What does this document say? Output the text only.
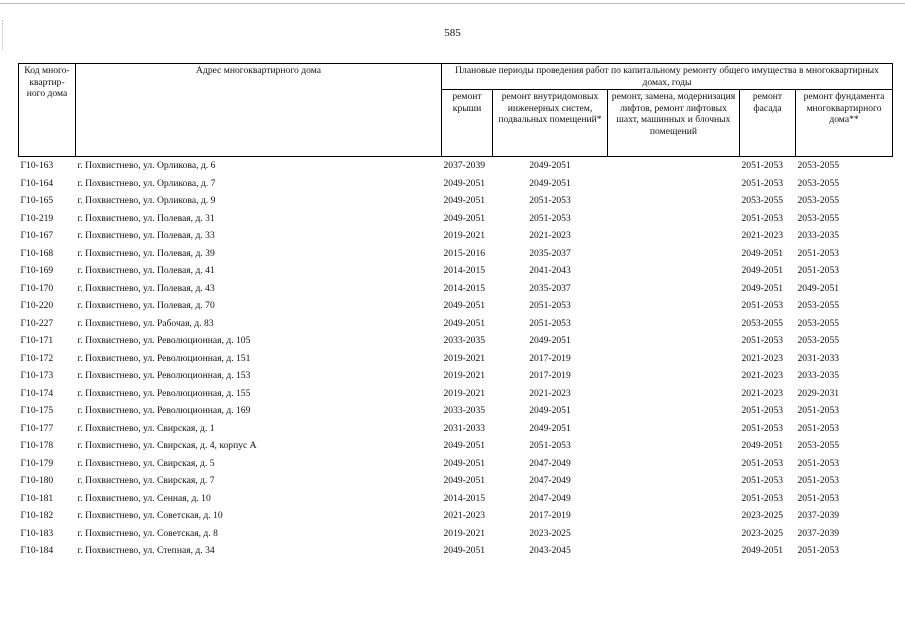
585
Код много-квартир-ного дома	Адрес многоквартирного дома	Плановые периоды проведения работ по капитальному ремонту общего имущества в многоквартирных домах, годы				
		ремонт крыши	ремонт внутридомовых инженерных систем, подвальных помещений*	ремонт, замена, модернизация лифтов, ремонт лифтовых шахт, машинных и блочных помещений	ремонт фасада	ремонт фундамента многоквартирного дома**
Г10-163	г. Похвистнево, ул. Орликова, д. 6	2037-2039	2049-2051		2051-2053	2053-2055
Г10-164	г. Похвистнево, ул. Орликова, д. 7	2049-2051	2049-2051		2051-2053	2053-2055
Г10-165	г. Похвистнево, ул. Орликова, д. 9	2049-2051	2051-2053		2053-2055	2053-2055
Г10-219	г. Похвистнево, ул. Полевая, д. 31	2049-2051	2051-2053		2051-2053	2053-2055
Г10-167	г. Похвистнево, ул. Полевая, д. 33	2019-2021	2021-2023		2021-2023	2033-2035
Г10-168	г. Похвистнево, ул. Полевая, д. 39	2015-2016	2035-2037		2049-2051	2051-2053
Г10-169	г. Похвистнево, ул. Полевая, д. 41	2014-2015	2041-2043		2049-2051	2051-2053
Г10-170	г. Похвистнево, ул. Полевая, д. 43	2014-2015	2035-2037		2049-2051	2049-2051
Г10-220	г. Похвистнево, ул. Полевая, д. 70	2049-2051	2051-2053		2051-2053	2053-2055
Г10-227	г. Похвистнево, ул. Рабочая, д. 83	2049-2051	2051-2053		2053-2055	2053-2055
Г10-171	г. Похвистнево, ул. Революционная, д. 105	2033-2035	2049-2051		2051-2053	2053-2055
Г10-172	г. Похвистнево, ул. Революционная, д. 151	2019-2021	2017-2019		2021-2023	2031-2033
Г10-173	г. Похвистнево, ул. Революционная, д. 153	2019-2021	2017-2019		2021-2023	2033-2035
Г10-174	г. Похвистнево, ул. Революционная, д. 155	2019-2021	2021-2023		2021-2023	2029-2031
Г10-175	г. Похвистнево, ул. Революционная, д. 169	2033-2035	2049-2051		2051-2053	2051-2053
Г10-177	г. Похвистнево, ул. Свирская, д. 1	2031-2033	2049-2051		2051-2053	2051-2053
Г10-178	г. Похвистнево, ул. Свирская, д. 4, корпус А	2049-2051	2051-2053		2049-2051	2053-2055
Г10-179	г. Похвистнево, ул. Свирская, д. 5	2049-2051	2047-2049		2051-2053	2051-2053
Г10-180	г. Похвистнево, ул. Свирская, д. 7	2049-2051	2047-2049		2051-2053	2051-2053
Г10-181	г. Похвистнево, ул. Сенная, д. 10	2014-2015	2047-2049		2051-2053	2051-2053
Г10-182	г. Похвистнево, ул. Советская, д. 10	2021-2023	2017-2019		2023-2025	2037-2039
Г10-183	г. Похвистнево, ул. Советская, д. 8	2019-2021	2023-2025		2023-2025	2037-2039
Г10-184	г. Похвистнево, ул. Степная, д. 34	2049-2051	2043-2045		2049-2051	2051-2053
